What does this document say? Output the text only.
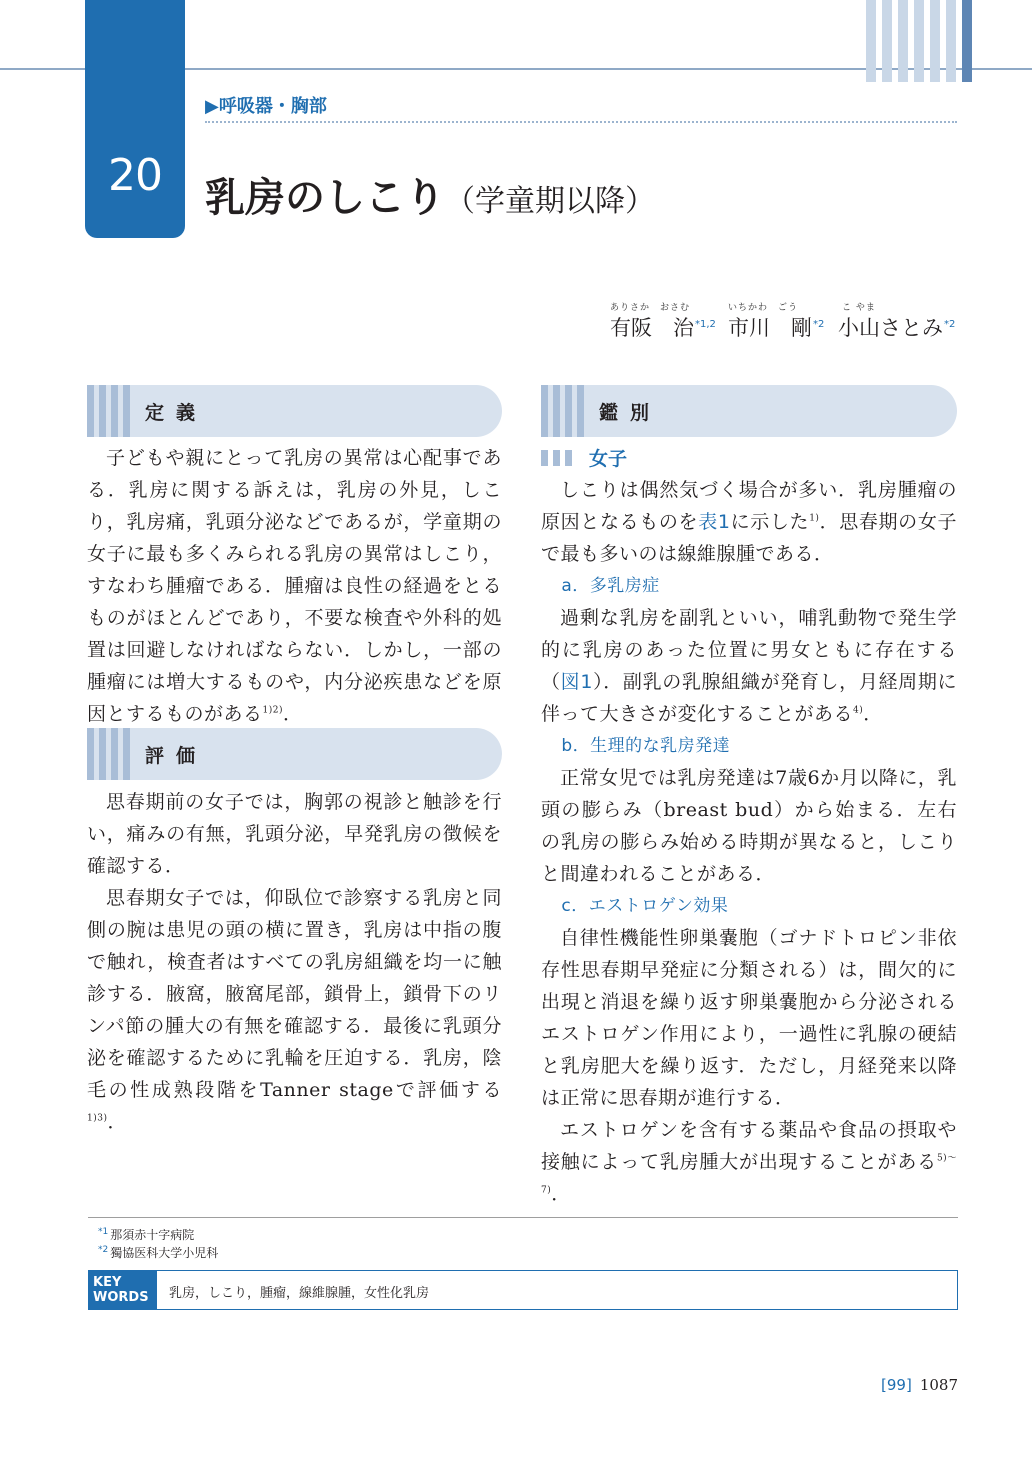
20
▶呼吸器・胸部
乳房のしこり（学童期以降）
ありさか　おさむ
有阪　治$^{*1,2}$
いちかわ　ごう
市川　剛$^{*2}$
こ やま
小山さとみ$^{*2}$
定義

子どもや親にとって乳房の異常は心配事である．乳房に関する訴えは，乳房の外見，しこり，乳房痛，乳頭分泌などであるが，学童期の女子に最も多くみられる乳房の異常はしこり，すなわち腫瘤である．腫瘤は良性の経過をとるものがほとんどであり，不要な検査や外科的処置は回避しなければならない．しかし，一部の腫瘤には増大するものや，内分泌疾患などを原因とするものがある$^{1)2)}$．

評価

思春期前の女子では，胸郭の視診と触診を行い，痛みの有無，乳頭分泌，早発乳房の徴候を確認する．

思春期女子では，仰臥位で診察する乳房と同側の腕は患児の頭の横に置き，乳房は中指の腹で触れ，検査者はすべての乳房組織を均一に触診する．腋窩，腋窩尾部，鎖骨上，鎖骨下のリンパ節の腫大の有無を確認する．最後に乳頭分泌を確認するために乳輪を圧迫する．乳房，陰毛の性成熟段階をTanner stageで評価する$^{1)3)}$．

鑑別
女子

しこりは偶然気づく場合が多い．乳房腫瘤の原因となるものを表1に示した$^{1)}$．思春期の女子で最も多いのは線維腺腫である．

a．多乳房症

過剰な乳房を副乳といい，哺乳動物で発生学的に乳房のあった位置に男女ともに存在する（図1）．副乳の乳腺組織が発育し，月経周期に伴って大きさが変化することがある$^{4)}$．

b．生理的な乳房発達

正常女児では乳房発達は7歳6か月以降に，乳頭の膨らみ（breast bud）から始まる．左右の乳房の膨らみ始める時期が異なると，しこりと間違われることがある．

c．エストロゲン効果

自律性機能性卵巣嚢胞（ゴナドトロピン非依存性思春期早発症に分類される）は，間欠的に出現と消退を繰り返す卵巣嚢胞から分泌されるエストロゲン作用により，一過性に乳腺の硬結と乳房肥大を繰り返す．ただし，月経発来以降は正常に思春期が進行する．

エストロゲンを含有する薬品や食品の摂取や接触によって乳房腫大が出現することがある$^{5)\sim 7)}$．

$^{*1}$ 那須赤十字病院
$^{*2}$ 獨協医科大学小児科
KEY
WORDS	乳房，しこり，腫瘤，線維腺腫，女性化乳房
[99] 1087
